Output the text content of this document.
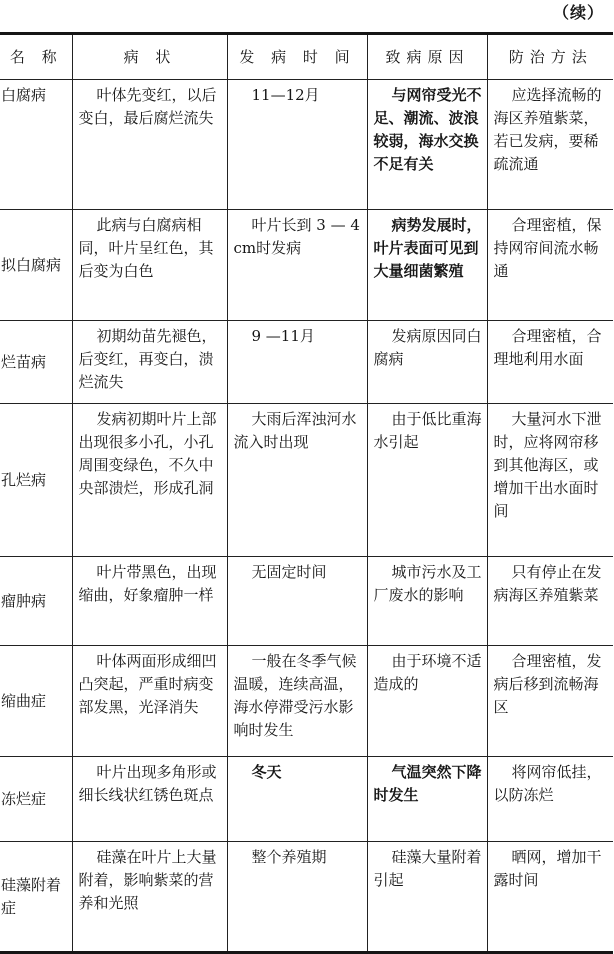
（续）
名 称	病 状	发 病 时 间	致病原因	防治方法
白腐病	叶体先变红，以后变白，最后腐烂流失	11—12月	与网帘受光不足、潮流、波浪较弱，海水交换不足有关	应选择流畅的海区养殖紫菜，若已发病，要稀疏流通
拟白腐病	此病与白腐病相同，叶片呈红色，其后变为白色	叶片长到 3 — 4 cm时发病	病势发展时，叶片表面可见到大量细菌繁殖	合理密植，保持网帘间流水畅通
烂苗病	初期幼苗先褪色，后变红，再变白，溃烂流失	9 —11月	发病原因同白腐病	合理密植，合理地利用水面
孔烂病	发病初期叶片上部出现很多小孔，小孔周围变绿色，不久中央部溃烂，形成孔洞	大雨后浑浊河水流入时出现	由于低比重海水引起	大量河水下泄时，应将网帘移到其他海区，或增加干出水面时间
瘤肿病	叶片带黑色，出现缩曲，好象瘤肿一样	无固定时间	城市污水及工厂废水的影响	只有停止在发病海区养殖紫菜
缩曲症	叶体两面形成细凹凸突起，严重时病变部发黑，光泽消失	一般在冬季气候温暖，连续高温，海水停滞受污水影响时发生	由于环境不适造成的	合理密植，发病后移到流畅海区
冻烂症	叶片出现多角形或细长线状红锈色斑点	冬天	气温突然下降时发生	将网帘低挂，以防冻烂
硅藻附着症	硅藻在叶片上大量附着，影响紫菜的营养和光照	整个养殖期	硅藻大量附着引起	晒网，增加干露时间
